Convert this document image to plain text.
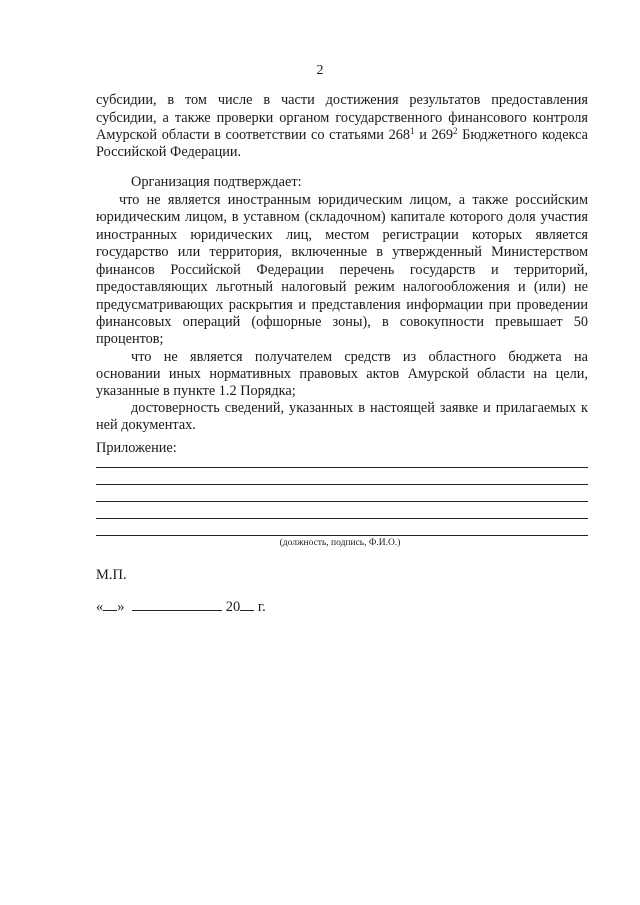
2
субсидии, в том числе в части достижения результатов предоставления
субсидии, а также проверки органом государственного финансового контроля
Амурской области в соответствии со статьями $268^1$ и $269^2$ Бюджетного кодекса
Российской Федерации.
Организация подтверждает:
что не является иностранным юридическим лицом, а также российским
юридическим лицом, в уставном (складочном) капитале которого доля участия
иностранных юридических лиц, местом регистрации которых является
государство или территория, включенные в утвержденный Министерством
финансов Российской Федерации перечень государств и территорий,
предоставляющих льготный налоговый режим налогообложения и (или) не
предусматривающих раскрытия и представления информации при проведении
финансовых операций (офшорные зоны), в совокупности превышает 50
процентов;
что не является получателем средств из областного бюджета на
основании иных нормативных правовых актов Амурской области на цели,
указанные в пункте 1.2 Порядка;
достоверность сведений, указанных в настоящей заявке и прилагаемых к
ней документах.
Приложение:
(должность, подпись, Ф.И.О.)
М.П.
« »	20 г.
